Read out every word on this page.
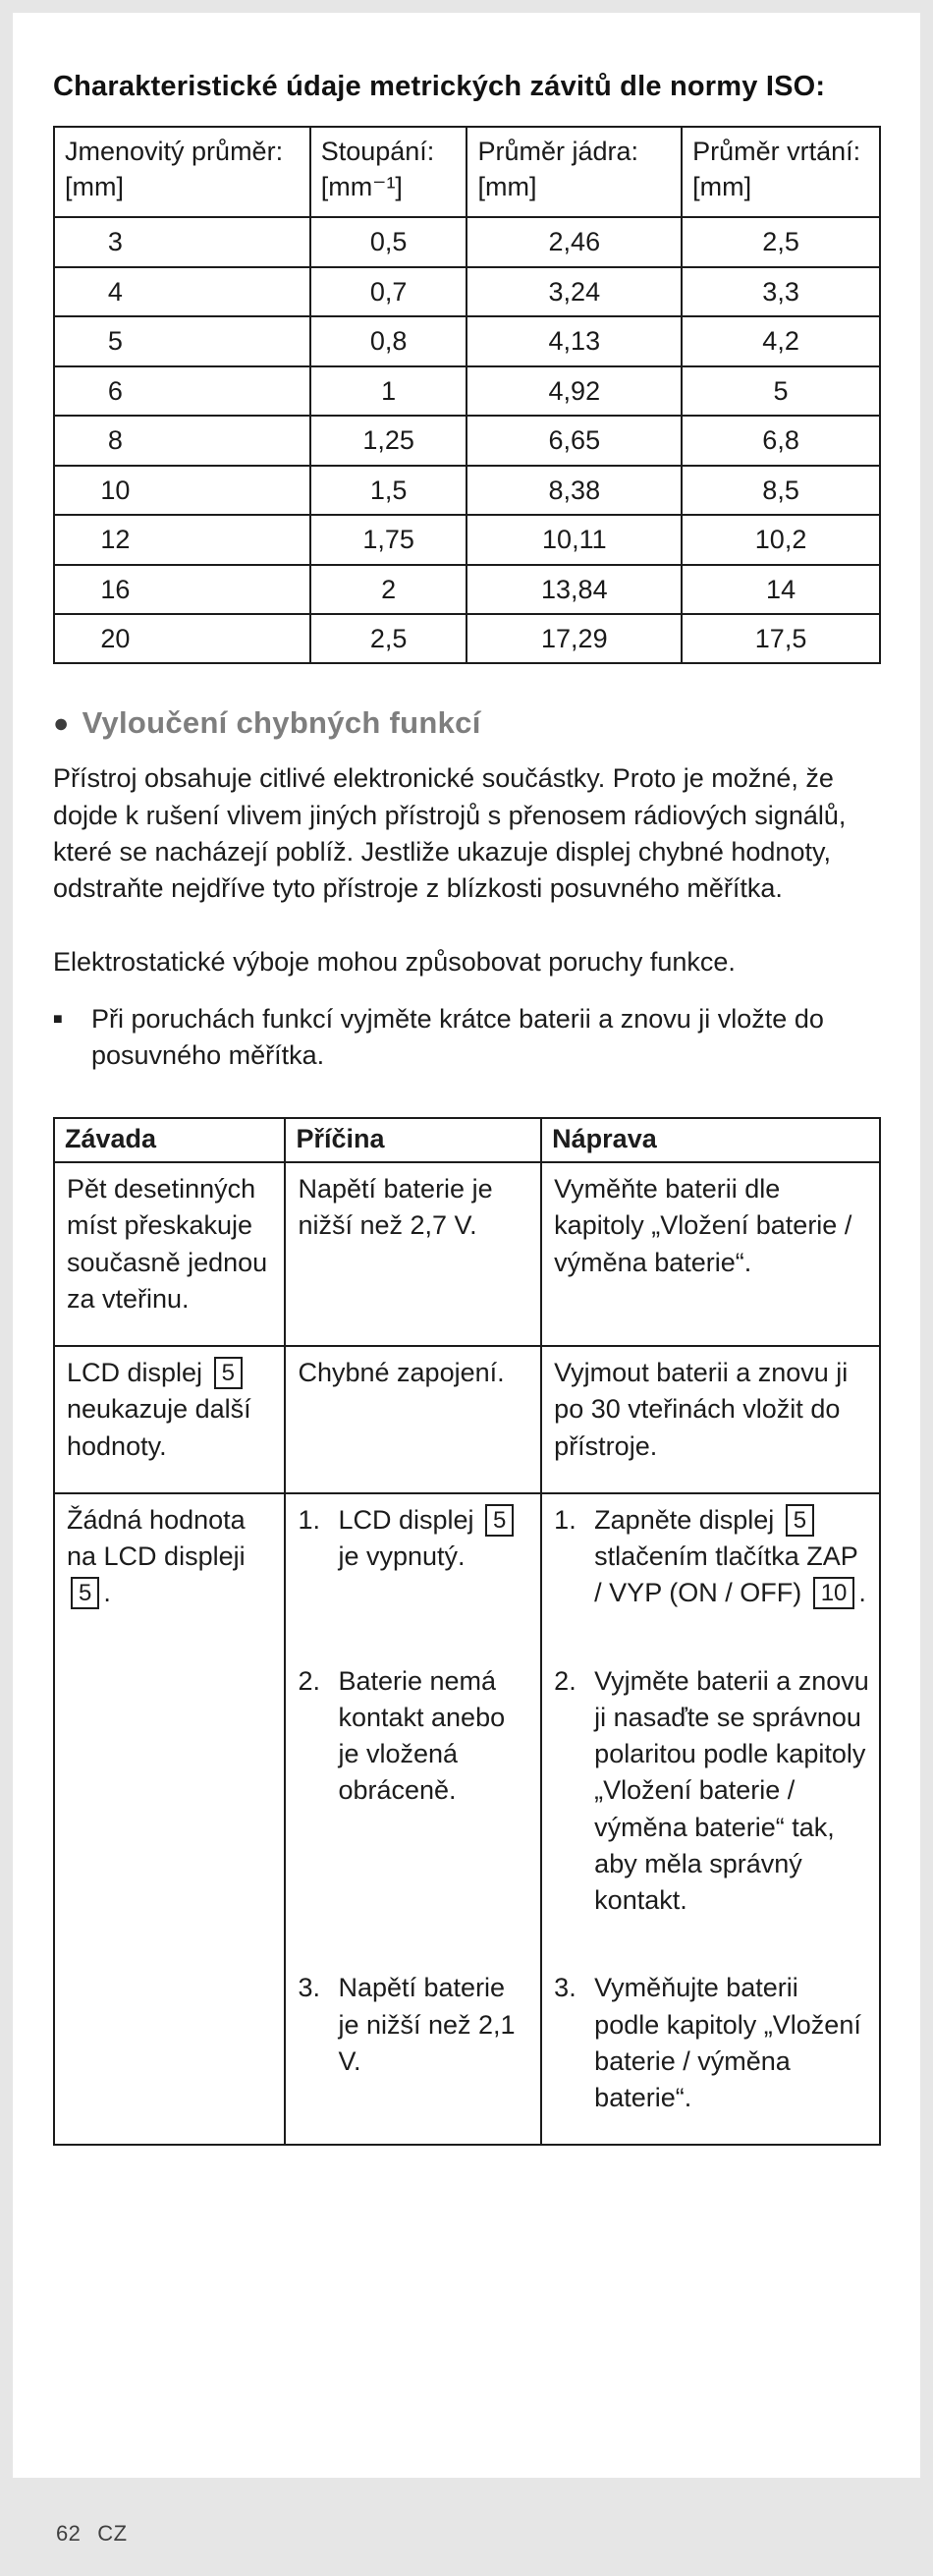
Charakteristické údaje metrických závitů dle normy ISO:
Jmenovitý průměr: [mm]	Stoupání: [mm⁻¹]	Průměr jádra: [mm]	Průměr vrtání: [mm]
3	0,5	2,46	2,5
4	0,7	3,24	3,3
5	0,8	4,13	4,2
6	1	4,92	5
8	1,25	6,65	6,8
10	1,5	8,38	8,5
12	1,75	10,11	10,2
16	2	13,84	14
20	2,5	17,29	17,5
● Vyloučení chybných funkcí

Přístroj obsahuje citlivé elektronické součástky. Proto je možné, že dojde k rušení vlivem jiných přístrojů s přenosem rádiových signálů, které se nacházejí poblíž. Jestliže ukazuje displej chybné hodnoty, odstraňte nejdříve tyto přístroje z blízkosti posuvného měřítka.

Elektrostatické výboje mohou způsobovat poruchy funkce.

■	Při poruchách funkcí vyjměte krátce baterii a znovu ji vložte do posuvného měřítka.
Závada	Příčina	Náprava

Pět desetinných míst přeskakuje současně jednou za vteřinu.	Napětí baterie je nižší než 2,7 V.	Vyměňte baterii dle kapitoly „Vložení baterie / výměna baterie“.

LCD displej 5 neukazuje další hodnoty.	Chybné zapojení.	Vyjmout baterii a znovu ji po 30 vteřinách vložit do přístroje.

Žádná hodnota na LCD displeji 5 .	1. LCD displej 5 je vypnutý.	1. Zapněte displej 5 stlačením tlačítka ZAP / VYP (ON / OFF) 10 .

	2. Baterie nemá kontakt anebo je vložená obráceně.	2. Vyjměte baterii a znovu ji nasaďte se správnou polaritou podle kapitoly „Vložení baterie / výměna baterie“ tak, aby měla správný kontakt.

	3. Napětí baterie je nižší než 2,1 V.	3. Vyměňujte baterii podle kapitoly „Vložení baterie / výměna baterie“.
62 CZ
